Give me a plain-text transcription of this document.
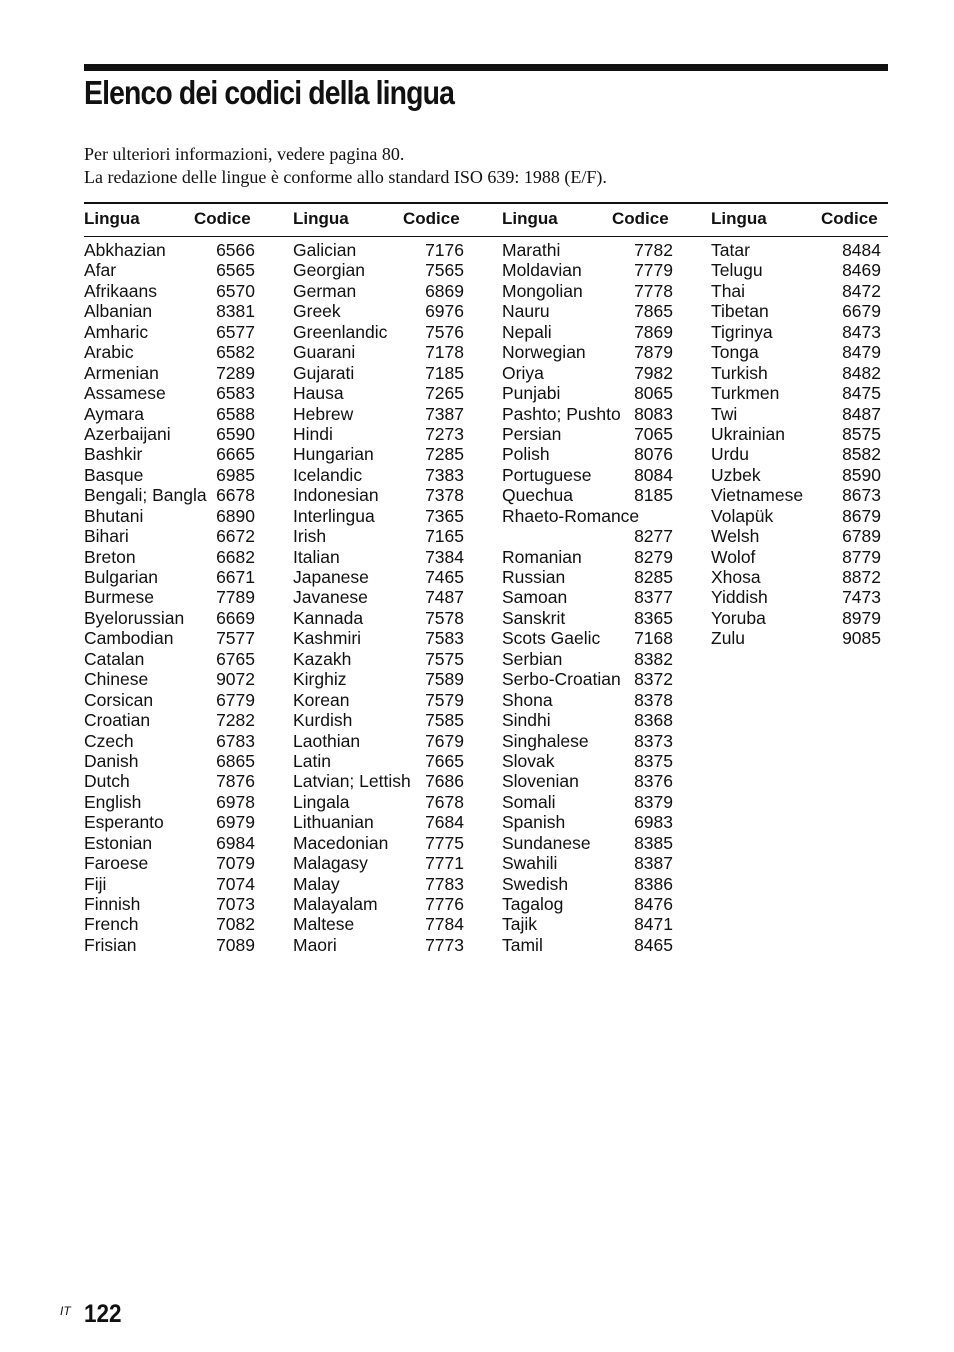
Elenco dei codici della lingua
Per ulteriori informazioni, vedere pagina 80.
La redazione delle lingue è conforme allo standard ISO 639: 1988 (E/F).
Lingua	Codice Lingua	Codice Lingua	Codice Lingua	Codice
Abkhazian	6566
Afar	6565
Afrikaans	6570
Albanian	8381
Amharic	6577
Arabic	6582
Armenian	7289
Assamese	6583
Aymara	6588
Azerbaijani	6590
Bashkir	6665
Basque	6985
Bengali; Bangla 6678
Bhutani	6890
Bihari	6672
Breton	6682
Bulgarian	6671
Burmese	7789
Byelorussian 6669
Cambodian 7577
Catalan	6765
Chinese	9072
Corsican	6779
Croatian	7282
Czech	6783
Danish	6865
Dutch	7876
English	6978
Esperanto	6979
Estonian	6984
Faroese	7079
Fiji	7074
Finnish	7073
French	7082
Frisian	7089
Galician	7176
Georgian	7565
German	6869
Greek	6976
Greenlandic 7576
Guarani	7178
Gujarati	7185
Hausa	7265
Hebrew	7387
Hindi	7273
Hungarian	7285
Icelandic	7383
Indonesian	7378
Interlingua	7365
Irish	7165
Italian	7384
Japanese	7465
Javanese	7487
Kannada	7578
Kashmiri	7583
Kazakh	7575
Kirghiz	7589
Korean	7579
Kurdish	7585
Laothian	7679
Latin	7665
Latvian; Lettish 7686
Lingala	7678
Lithuanian	7684
Macedonian 7775
Malagasy	7771
Malay	7783
Malayalam	7776
Maltese	7784
Maori	7773
Marathi	7782
Moldavian	7779
Mongolian	7778
Nauru	7865
Nepali	7869
Norwegian	7879
Oriya	7982
Punjabi	8065
Pashto; Pushto 8083
Persian	7065
Polish	8076
Portuguese 8084
Quechua	8185
Rhaeto-Romance
8277
Romanian	8279
Russian	8285
Samoan	8377
Sanskrit	8365
Scots Gaelic 7168
Serbian	8382
Serbo-Croatian 8372
Shona	8378
Sindhi	8368
Singhalese	8373
Slovak	8375
Slovenian	8376
Somali	8379
Spanish	6983
Sundanese 8385
Swahili	8387
Swedish	8386
Tagalog	8476
Tajik	8471
Tamil	8465
Tatar	8484
Telugu	8469
Thai	8472
Tibetan	6679
Tigrinya	8473
Tonga	8479
Turkish	8482
Turkmen	8475
Twi	8487
Ukrainian	8575
Urdu	8582
Uzbek	8590
Vietnamese 8673
Volapük	8679
Welsh	6789
Wolof	8779
Xhosa	8872
Yiddish	7473
Yoruba	8979
Zulu	9085
122
IT
